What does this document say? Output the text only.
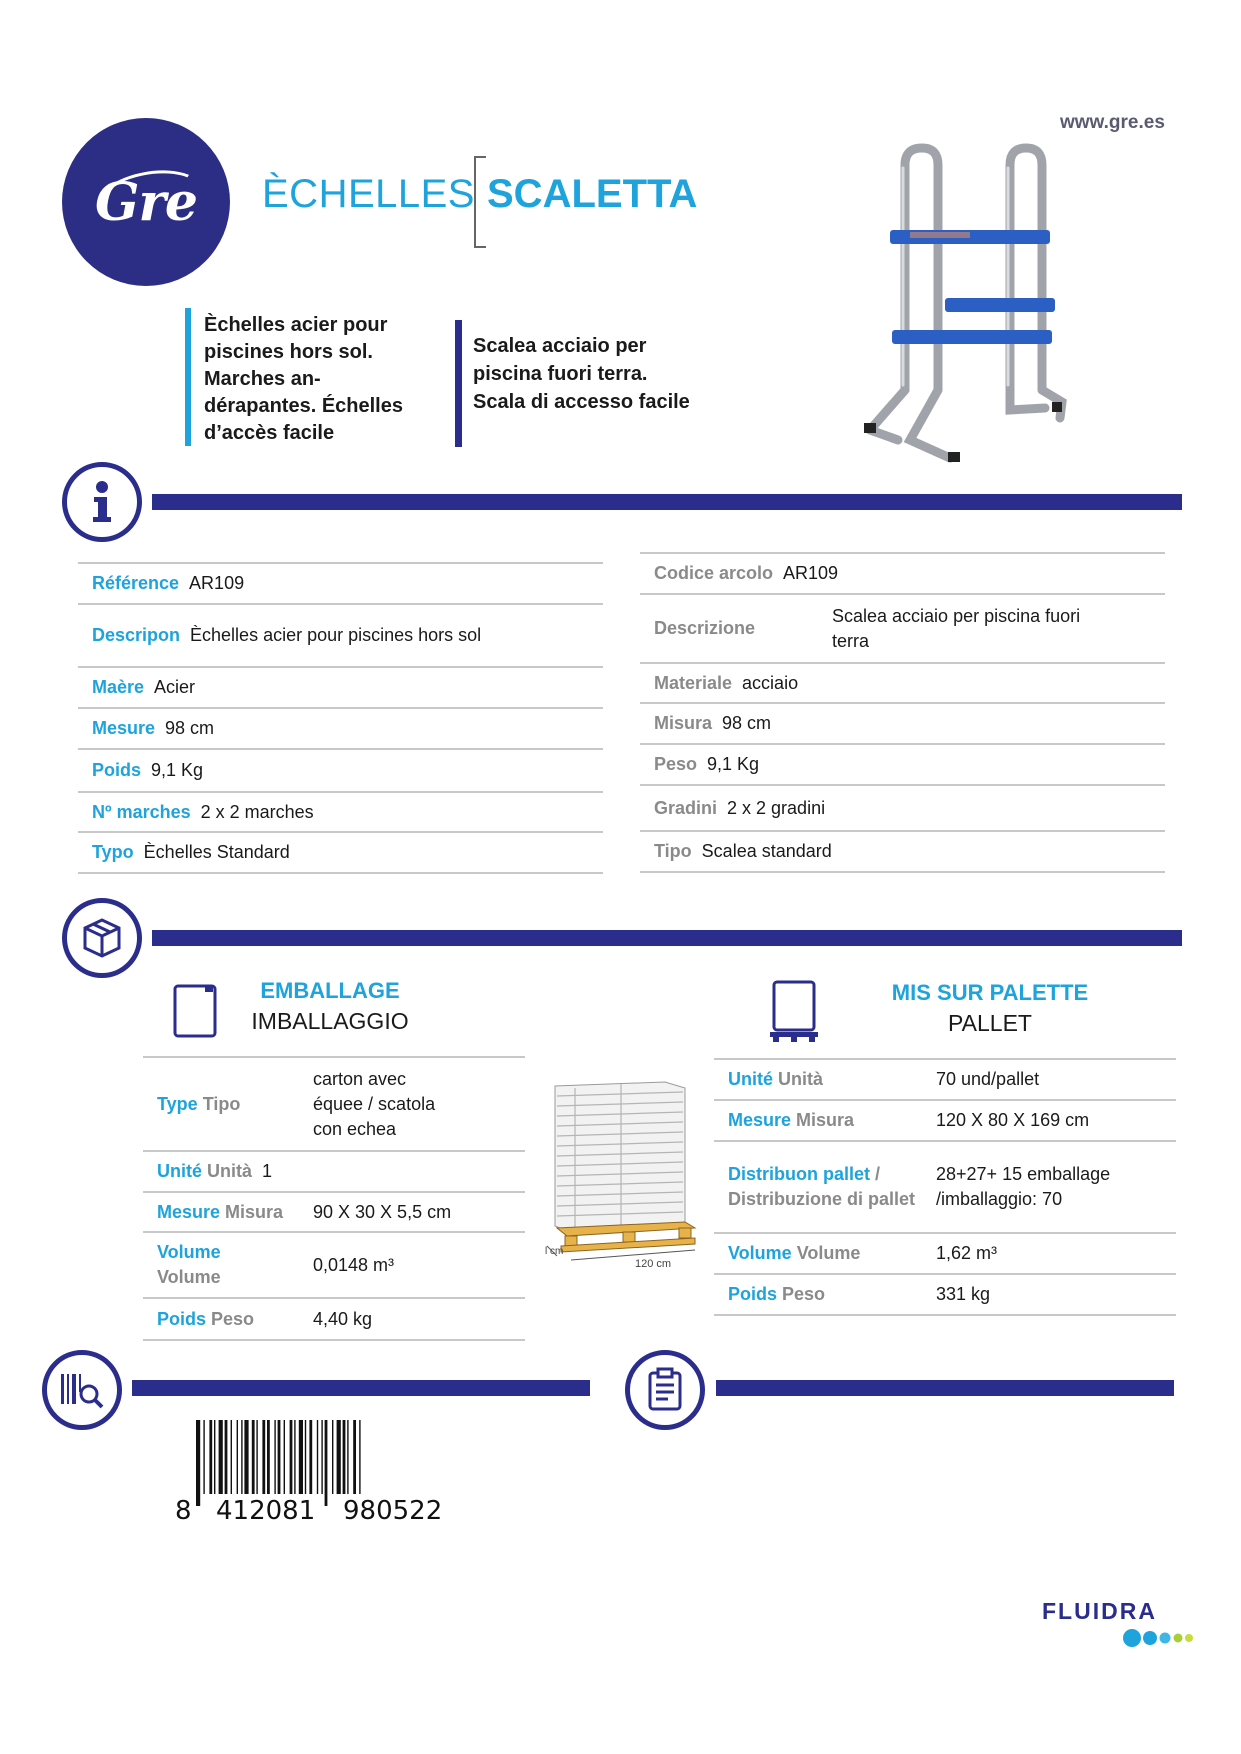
Gre ÈCHELLES SCALETTA
www.gre.es
Èchelles acier pour
piscines hors sol.
Marches an-
dérapantes. Échelles
d’accès facile
Scalea acciaio per
piscina fuori terra.
Scala di accesso facile
Référence AR109
Descripon Èchelles acier pour piscines hors sol
Maère Acier
Mesure 98 cm
Poids 9,1 Kg
Nº marches 2 x 2 marches
Typo Èchelles Standard
Codice arcolo AR109
Descrizione
Scalea acciaio per piscina fuori
terra
Materiale acciaio
Misura 98 cm
Peso 9,1 Kg
Gradini 2 x 2 gradini
Tipo Scalea standard
EMBALLAGE
IMBALLAGGIO
Type Tipo
carton avec
équee / scatola
con echea
Unité Unità 1
Mesure Misura	90 X 30 X 5,5 cm
Volume
Volume
0,0148 m³
Poids Peso	4,40 kg
l cm
120 cm
MIS SUR PALETTE
PALLET
Unité Unità	70 und/pallet
Mesure Misura	120 X 80 X 169 cm
Distribuon pallet / Distribuzione di pallet
28+27+ 15 emballage
/imballaggio: 70
Volume Volume	1,62 m³
Poids Peso	331 kg
8 412081 980522
FLUIDRA
